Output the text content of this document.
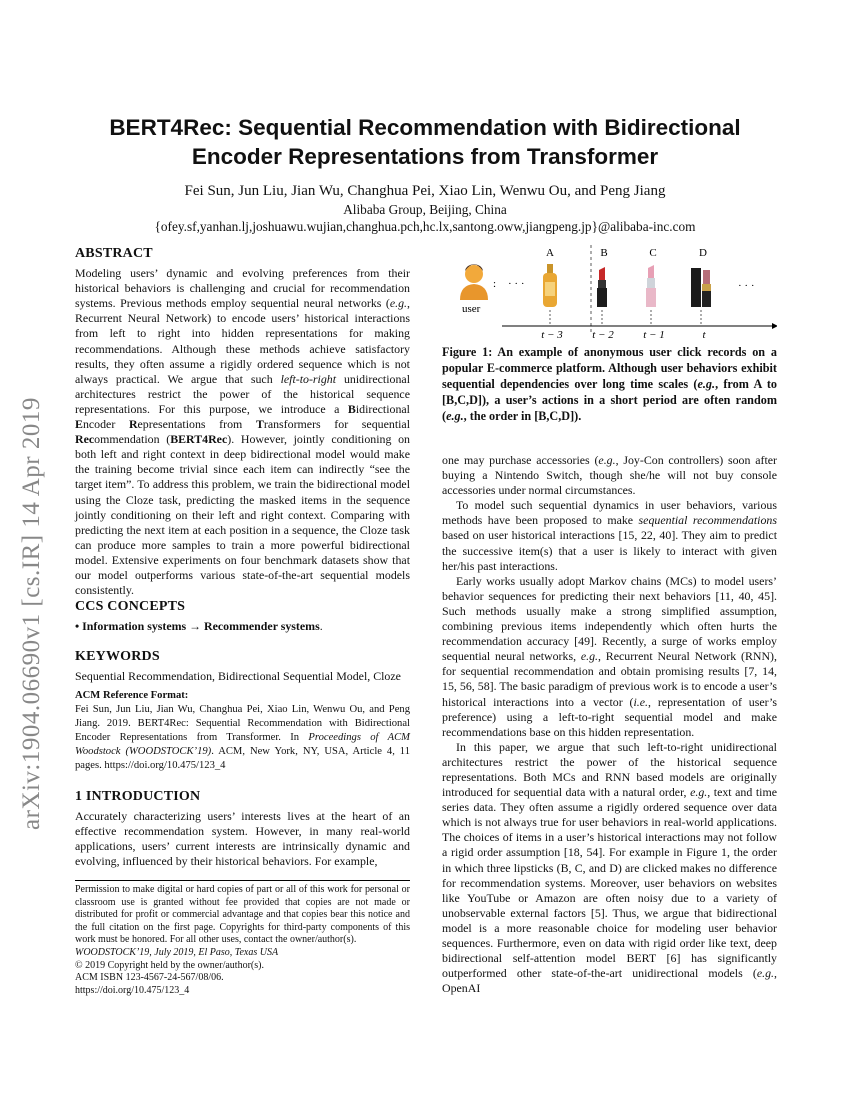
arXiv:1904.06690v1 [cs.IR] 14 Apr 2019
BERT4Rec: Sequential Recommendation with Bidirectional
Encoder Representations from Transformer
Fei Sun, Jun Liu, Jian Wu, Changhua Pei, Xiao Lin, Wenwu Ou, and Peng Jiang
Alibaba Group, Beijing, China
{ofey.sf,yanhan.lj,joshuawu.wujian,changhua.pch,hc.lx,santong.oww,jiangpeng.jp}@alibaba-inc.com
ABSTRACT

Modeling users’ dynamic and evolving preferences from their historical behaviors is challenging and crucial for recommendation systems. Previous methods employ sequential neural networks (e.g., Recurrent Neural Network) to encode users’ historical interactions from left to right into hidden representations for making recommendations. Although these methods achieve satisfactory results, they often assume a rigidly ordered sequence which is not always practical. We argue that such left-to-right unidirectional architectures restrict the power of the historical sequence representations. For this purpose, we introduce a Bidirectional Encoder Representations from Transformers for sequential Recommendation (BERT4Rec). However, jointly conditioning on both left and right context in deep bidirectional model would make the training become trivial since each item can indirectly “see the target item”. To address this problem, we train the bidirectional model using the Cloze task, predicting the masked items in the sequence jointly conditioning on their left and right context. Comparing with predicting the next item at each position in a sequence, the Cloze task can produce more samples to train a more powerful bidirectional model. Extensive experiments on four benchmark datasets show that our model outperforms various state-of-the-art sequential models consistently.

CCS CONCEPTS

• Information systems → Recommender systems.

KEYWORDS

Sequential Recommendation, Bidirectional Sequential Model, Cloze

ACM Reference Format:

Fei Sun, Jun Liu, Jian Wu, Changhua Pei, Xiao Lin, Wenwu Ou, and Peng Jiang. 2019. BERT4Rec: Sequential Recommendation with Bidirectional Encoder Representations from Transformer. In Proceedings of ACM Woodstock (WOODSTOCK’19). ACM, New York, NY, USA, Article 4, 11 pages. https://doi.org/10.475/123_4

1 INTRODUCTION

Accurately characterizing users’ interests lives at the heart of an effective recommendation system. However, in many real-world applications, users’ current interests are intrinsically dynamic and evolving, influenced by their historical behaviors. For example,

Permission to make digital or hard copies of part or all of this work for personal or classroom use is granted without fee provided that copies are not made or distributed for profit or commercial advantage and that copies bear this notice and the full citation on the first page. Copyrights for third-party components of this work must be honored. For all other uses, contact the owner/author(s).

WOODSTOCK’19, July 2019, El Paso, Texas USA

© 2019 Copyright held by the owner/author(s).

ACM ISBN 123-4567-24-567/08/06.

https://doi.org/10.475/123_4

user
: · · ·	· · ·
A	B	C	D
t − 3	t − 2	t − 1	t
Figure 1: An example of anonymous user click records on a popular E-commerce platform. Although user behaviors exhibit sequential dependencies over long time scales (e.g., from A to [B,C,D]), a user’s actions in a short period are often random (e.g., the order in [B,C,D]).

one may purchase accessories (e.g., Joy-Con controllers) soon after buying a Nintendo Switch, though she/he will not buy console accessories under normal circumstances.

To model such sequential dynamics in user behaviors, various methods have been proposed to make sequential recommendations based on user historical interactions [15, 22, 40]. They aim to predict the successive item(s) that a user is likely to interact with given her/his past interactions.

Early works usually adopt Markov chains (MCs) to model users’ behavior sequences for predicting their next behaviors [11, 40, 45]. Such methods usually make a strong simplified assumption, combining previous items independently which often hurts the recommendation accuracy [49]. Recently, a surge of works employ sequential neural networks, e.g., Recurrent Neural Network (RNN), for sequential recommendation and obtain promising results [7, 14, 15, 56, 58]. The basic paradigm of previous work is to encode a user’s historical interactions into a vector (i.e., representation of user’s preference) using a left-to-right sequential model and make recommendations base on this hidden representation.

In this paper, we argue that such left-to-right unidirectional architectures restrict the power of the historical sequence representations. Both MCs and RNN based models are originally introduced for sequential data with a natural order, e.g., text and time series data. They often assume a rigidly ordered sequence over data which is not always true for user behaviors in real-world applications. The choices of items in a user’s historical interactions may not follow a rigid order assumption [18, 54]. For example in Figure 1, the order in which three lipsticks (B, C, and D) are clicked makes no difference for recommendation systems. Moreover, user behaviors on websites like YouTube or Amazon are often noisy due to a variety of unobservable external factors [5]. Thus, we argue that bidirectional model is a more reasonable choice for modeling user behavior sequences. Furthermore, even on data with rigid order like text, deep bidirectional self-attention model BERT [6] has significantly outperformed other state-of-the-art unidirectional models (e.g., OpenAI
